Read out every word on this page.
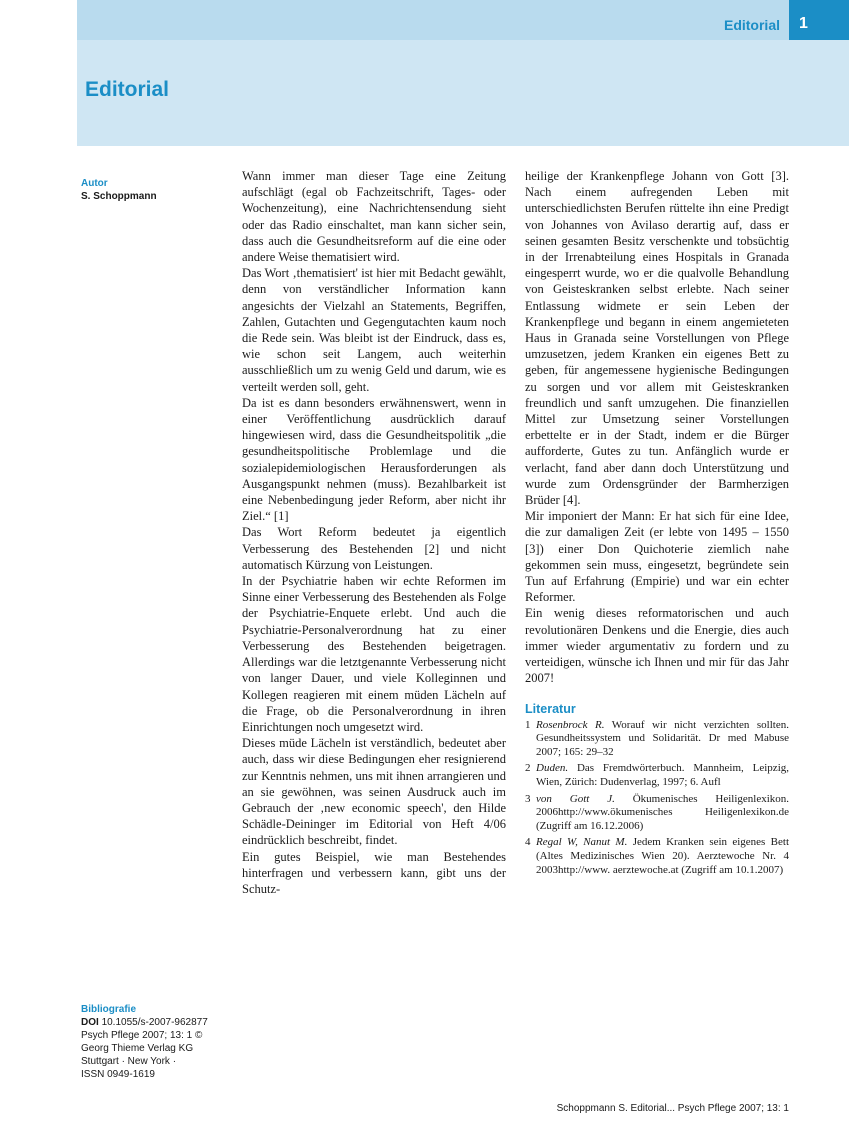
Editorial	1
Editorial
Autor
S. Schoppmann

Wann immer man dieser Tage eine Zeitung aufschlägt (egal ob Fachzeitschrift, Tages- oder Wochenzeitung), eine Nachrichtensendung sieht oder das Radio einschaltet, man kann sicher sein, dass auch die Gesundheitsreform auf die eine oder andere Weise thematisiert wird.

Das Wort ‚thematisiert' ist hier mit Bedacht gewählt, denn von verständlicher Information kann angesichts der Vielzahl an Statements, Begriffen, Zahlen, Gutachten und Gegengutachten kaum noch die Rede sein. Was bleibt ist der Eindruck, dass es, wie schon seit Langem, auch weiterhin ausschließlich um zu wenig Geld und darum, wie es verteilt werden soll, geht.

Da ist es dann besonders erwähnenswert, wenn in einer Veröffentlichung ausdrücklich darauf hingewiesen wird, dass die Gesundheitspolitik „die gesundheitspolitische Problemlage und die sozialepidemiologischen Herausforderungen als Ausgangspunkt nehmen (muss). Bezahlbarkeit ist eine Nebenbedingung jeder Reform, aber nicht ihr Ziel.“ [1]

Das Wort Reform bedeutet ja eigentlich Verbesserung des Bestehenden [2] und nicht automatisch Kürzung von Leistungen.

In der Psychiatrie haben wir echte Reformen im Sinne einer Verbesserung des Bestehenden als Folge der Psychiatrie-Enquete erlebt. Und auch die Psychiatrie-Personalverordnung hat zu einer Verbesserung des Bestehenden beigetragen. Allerdings war die letztgenannte Verbesserung nicht von langer Dauer, und viele Kolleginnen und Kollegen reagieren mit einem müden Lächeln auf die Frage, ob die Personalverordnung in ihren Einrichtungen noch umgesetzt wird.

Dieses müde Lächeln ist verständlich, bedeutet aber auch, dass wir diese Bedingungen eher resignierend zur Kenntnis nehmen, uns mit ihnen arrangieren und an sie gewöhnen, was seinen Ausdruck auch im Gebrauch der ‚new economic speech', den Hilde Schädle-Deininger im Editorial von Heft 4/06 eindrücklich beschreibt, findet.

Ein gutes Beispiel, wie man Bestehendes hinterfragen und verbessern kann, gibt uns der Schutz-

heilige der Krankenpflege Johann von Gott [3]. Nach einem aufregenden Leben mit unterschiedlichsten Berufen rüttelte ihn eine Predigt von Johannes von Avilaso derartig auf, dass er seinen gesamten Besitz verschenkte und tobsüchtig in der Irrenabteilung eines Hospitals in Granada eingesperrt wurde, wo er die qualvolle Behandlung von Geisteskranken selbst erlebte. Nach seiner Entlassung widmete er sein Leben der Krankenpflege und begann in einem angemieteten Haus in Granada seine Vorstellungen von Pflege umzusetzen, jedem Kranken ein eigenes Bett zu geben, für angemessene hygienische Bedingungen zu sorgen und vor allem mit Geisteskranken freundlich und sanft umzugehen. Die finanziellen Mittel zur Umsetzung seiner Vorstellungen erbettelte er in der Stadt, indem er die Bürger aufforderte, Gutes zu tun. Anfänglich wurde er verlacht, fand aber dann doch Unterstützung und wurde zum Ordensgründer der Barmherzigen Brüder [4].

Mir imponiert der Mann: Er hat sich für eine Idee, die zur damaligen Zeit (er lebte von 1495 – 1550 [3]) einer Don Quichoterie ziemlich nahe gekommen sein muss, eingesetzt, begründete sein Tun auf Erfahrung (Empirie) und war ein echter Reformer.

Ein wenig dieses reformatorischen und auch revolutionären Denkens und die Energie, dies auch immer wieder argumentativ zu fordern und zu verteidigen, wünsche ich Ihnen und mir für das Jahr 2007!

Literatur
1 Rosenbrock R. Worauf wir nicht verzichten sollten. Gesundheitssystem und Solidarität. Dr med Mabuse 2007; 165: 29–32
2 Duden. Das Fremdwörterbuch. Mannheim, Leipzig, Wien, Zürich: Dudenverlag, 1997; 6. Aufl
3 von Gott J. Ökumenisches Heiligenlexikon. 2006http://www.ökumenisches Heiligenlexikon.de (Zugriff am 16.12.2006)
4 Regal W, Nanut M. Jedem Kranken sein eigenes Bett (Altes Medizinisches Wien 20). Aerztewoche Nr. 4 2003http://www. aerztewoche.at (Zugriff am 10.1.2007)
Bibliografie
DOI 10.1055/s-2007-962877
Psych Pflege 2007; 13: 1 ©
Georg Thieme Verlag KG
Stuttgart · New York ·
ISSN 0949-1619
Schoppmann S. Editorial... Psych Pflege 2007; 13: 1
